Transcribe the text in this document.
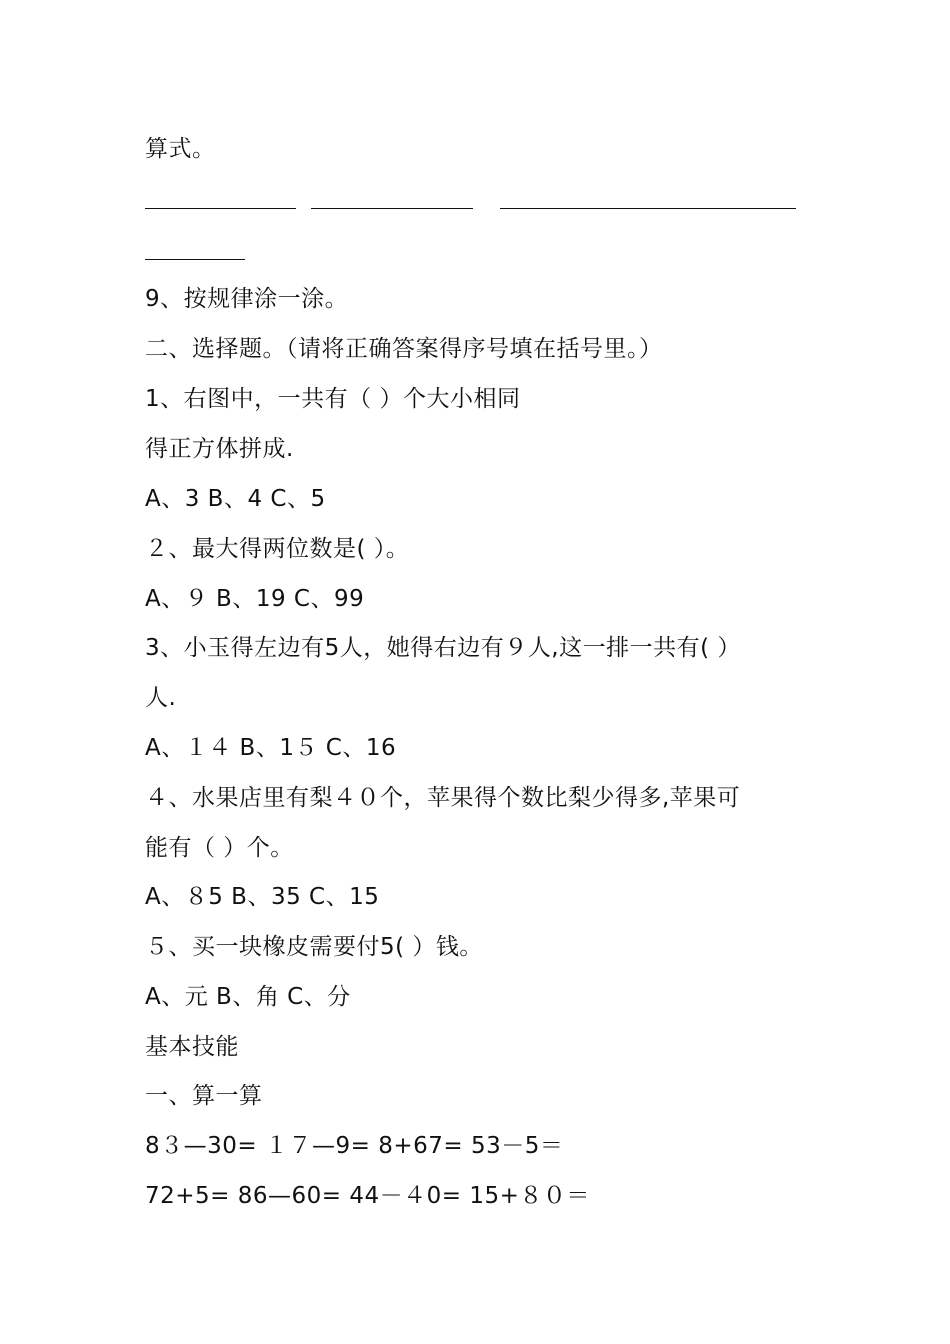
算式。
9、按规律涂一涂。
二、选择题。（请将正确答案得序号填在括号里。）
1、右图中，一共有（ ）个大小相同
得正方体拼成.
A、3 B、4 C、5
２、最大得两位数是( ）。
A、９ B、19 C、99
3、小玉得左边有5人，她得右边有９人,这一排一共有( ）
人.
A、１４ B、1５ C、16
４、水果店里有梨４０个，苹果得个数比梨少得多,苹果可
能有（ ）个。
A、８5 B、35 C、15
５、买一块橡皮需要付5( ）钱。
A、元 B、角 C、分
基本技能
一、算一算
8３—30= １７—9= 8+67= 53－5＝
72+5= 86—60= 44－４0= 15+８０＝
